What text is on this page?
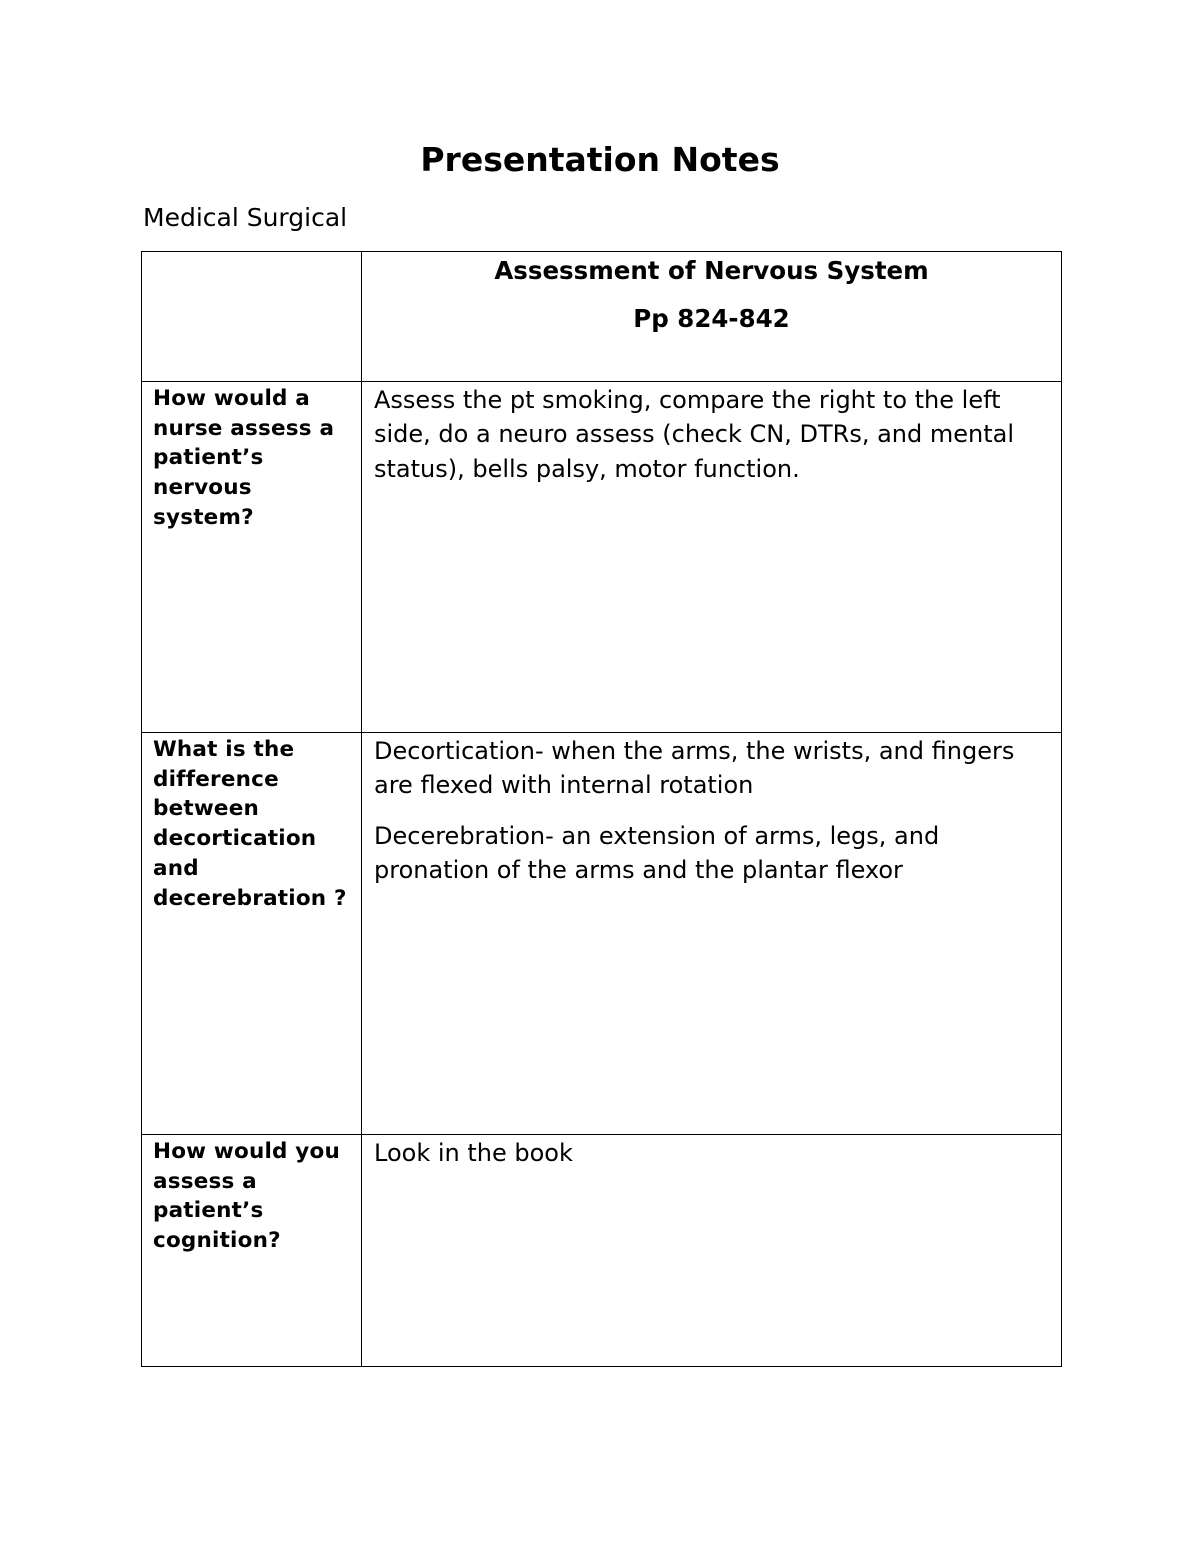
Presentation Notes

Medical Surgical

	Assessment of Nervous System
Pp 824-842

How would a nurse assess a patient’s nervous system?	Assess the pt smoking, compare the right to the left side, do a neuro assess (check CN, DTRs, and mental status), bells palsy, motor function.

What is the difference between decortication and decerebration ?	Decortication- when the arms, the wrists, and fingers are flexed with internal rotation

Decerebration- an extension of arms, legs, and pronation of the arms and the plantar flexor

How would you assess a patient’s cognition?	Look in the book
